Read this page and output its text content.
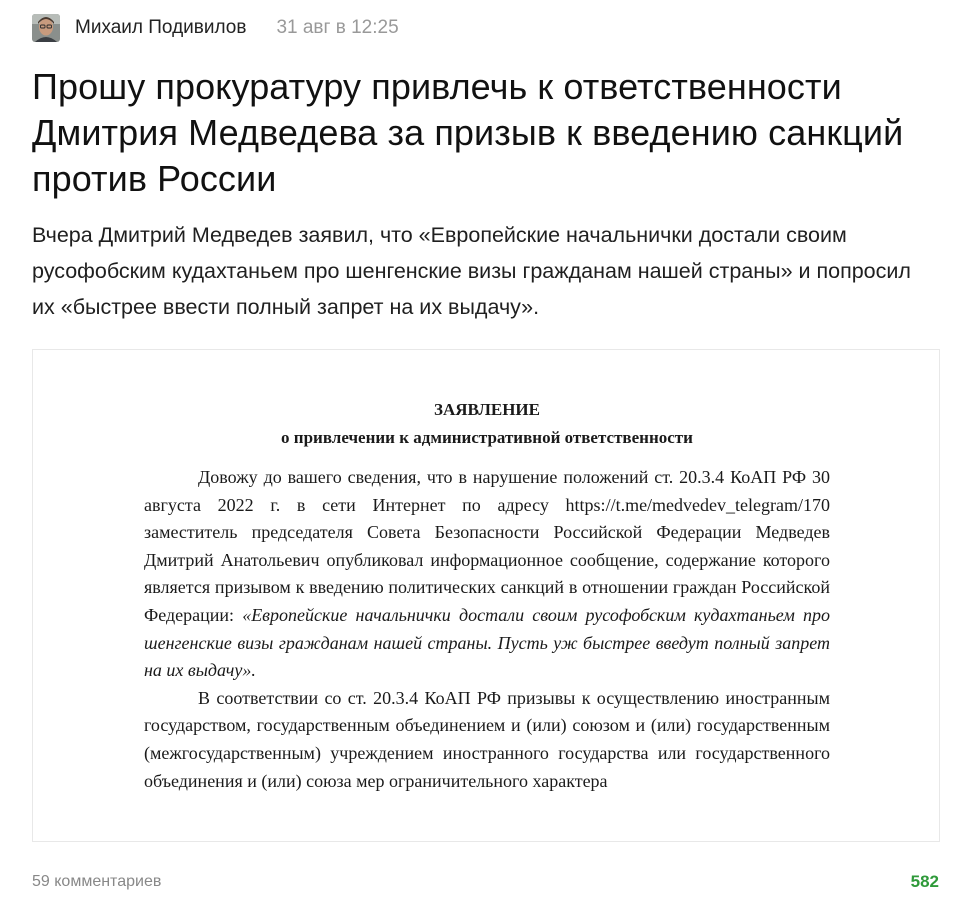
Михаил Подивилов 31 авг в 12:25
Прошу прокуратуру привлечь к ответственности Дмитрия Медведева за призыв к введению санкций против России

Вчера Дмитрий Медведев заявил, что «Европейские начальнички достали своим русофобским кудахтаньем про шенгенские визы гражданам нашей страны» и попросил их «быстрее ввести полный запрет на их выдачу».

ЗАЯВЛЕНИЕ

о привлечении к административной ответственности

Довожу до вашего сведения, что в нарушение положений ст. 20.3.4 КоАП РФ 30 августа 2022 г. в сети Интернет по адресу https://t.me/medvedev_telegram/170 заместитель председателя Совета Безопасности Российской Федерации Медведев Дмитрий Анатольевич опубликовал информационное сообщение, содержание которого является призывом к введению политических санкций в отношении граждан Российской Федерации: «Европейские начальнички достали своим русофобским кудахтаньем про шенгенские визы гражданам нашей страны. Пусть уж быстрее введут полный запрет на их выдачу».

В соответствии со ст. 20.3.4 КоАП РФ призывы к осуществлению иностранным государством, государственным объединением и (или) союзом и (или) государственным (межгосударственным) учреждением иностранного государства или государственного объединения и (или) союза мер ограничительного характера

59 комментариев	582
